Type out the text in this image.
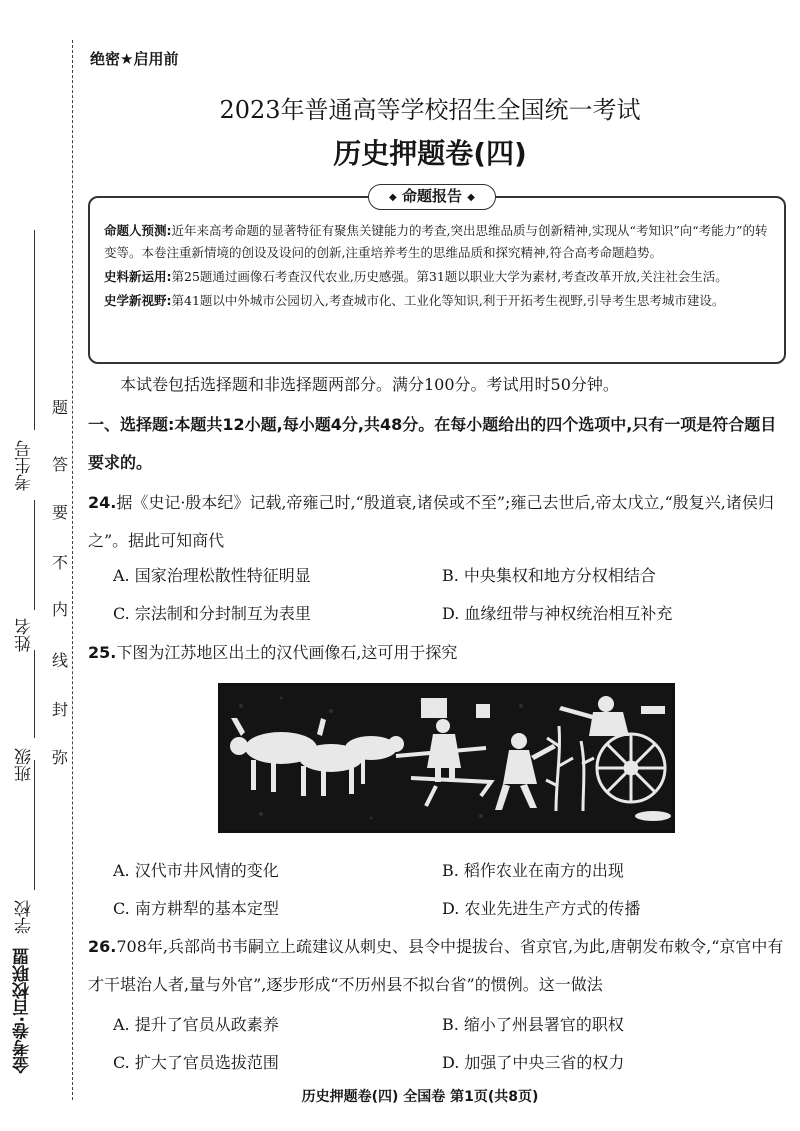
金考卷·百校联盟
学校
班级
姓名
考生号
题
答
要
不
内
线
封
弥
绝密★启用前
2023年普通高等学校招生全国统一考试
历史押题卷(四)

命题人预测:近年来高考命题的显著特征有聚焦关键能力的考查,突出思维品质与创新精神,实现从“考知识”向“考能力”的转变等。本卷注重新情境的创设及设问的创新,注重培养考生的思维品质和探究精神,符合高考命题趋势。

史料新运用:第25题通过画像石考查汉代农业,历史感强。第31题以职业大学为素材,考查改革开放,关注社会生活。

史学新视野:第41题以中外城市公园切入,考查城市化、工业化等知识,利于开拓考生视野,引导考生思考城市建设。

◆ 命题报告 ◆
本试卷包括选择题和非选择题两部分。满分100分。考试用时50分钟。
一、选择题:本题共12小题,每小题4分,共48分。在每小题给出的四个选项中,只有一项是符合题目要求的。
24.据《史记·殷本纪》记载,帝雍己时,“殷道衰,诸侯或不至”;雍己去世后,帝太戊立,“殷复兴,诸侯归之”。据此可知商代
A. 国家治理松散性特征明显	B. 中央集权和地方分权相结合
C. 宗法制和分封制互为表里	D. 血缘纽带与神权统治相互补充
25.下图为江苏地区出土的汉代画像石,这可用于探究
A. 汉代市井风情的变化	B. 稻作农业在南方的出现
C. 南方耕犁的基本定型	D. 农业先进生产方式的传播
26.708年,兵部尚书韦嗣立上疏建议从刺史、县令中提拔台、省京官,为此,唐朝发布敕令,“京官中有才干堪治人者,量与外官”,逐步形成“不历州县不拟台省”的惯例。这一做法
A. 提升了官员从政素养	B. 缩小了州县署官的职权
C. 扩大了官员选拔范围	D. 加强了中央三省的权力
历史押题卷(四) 全国卷 第1页(共8页)
